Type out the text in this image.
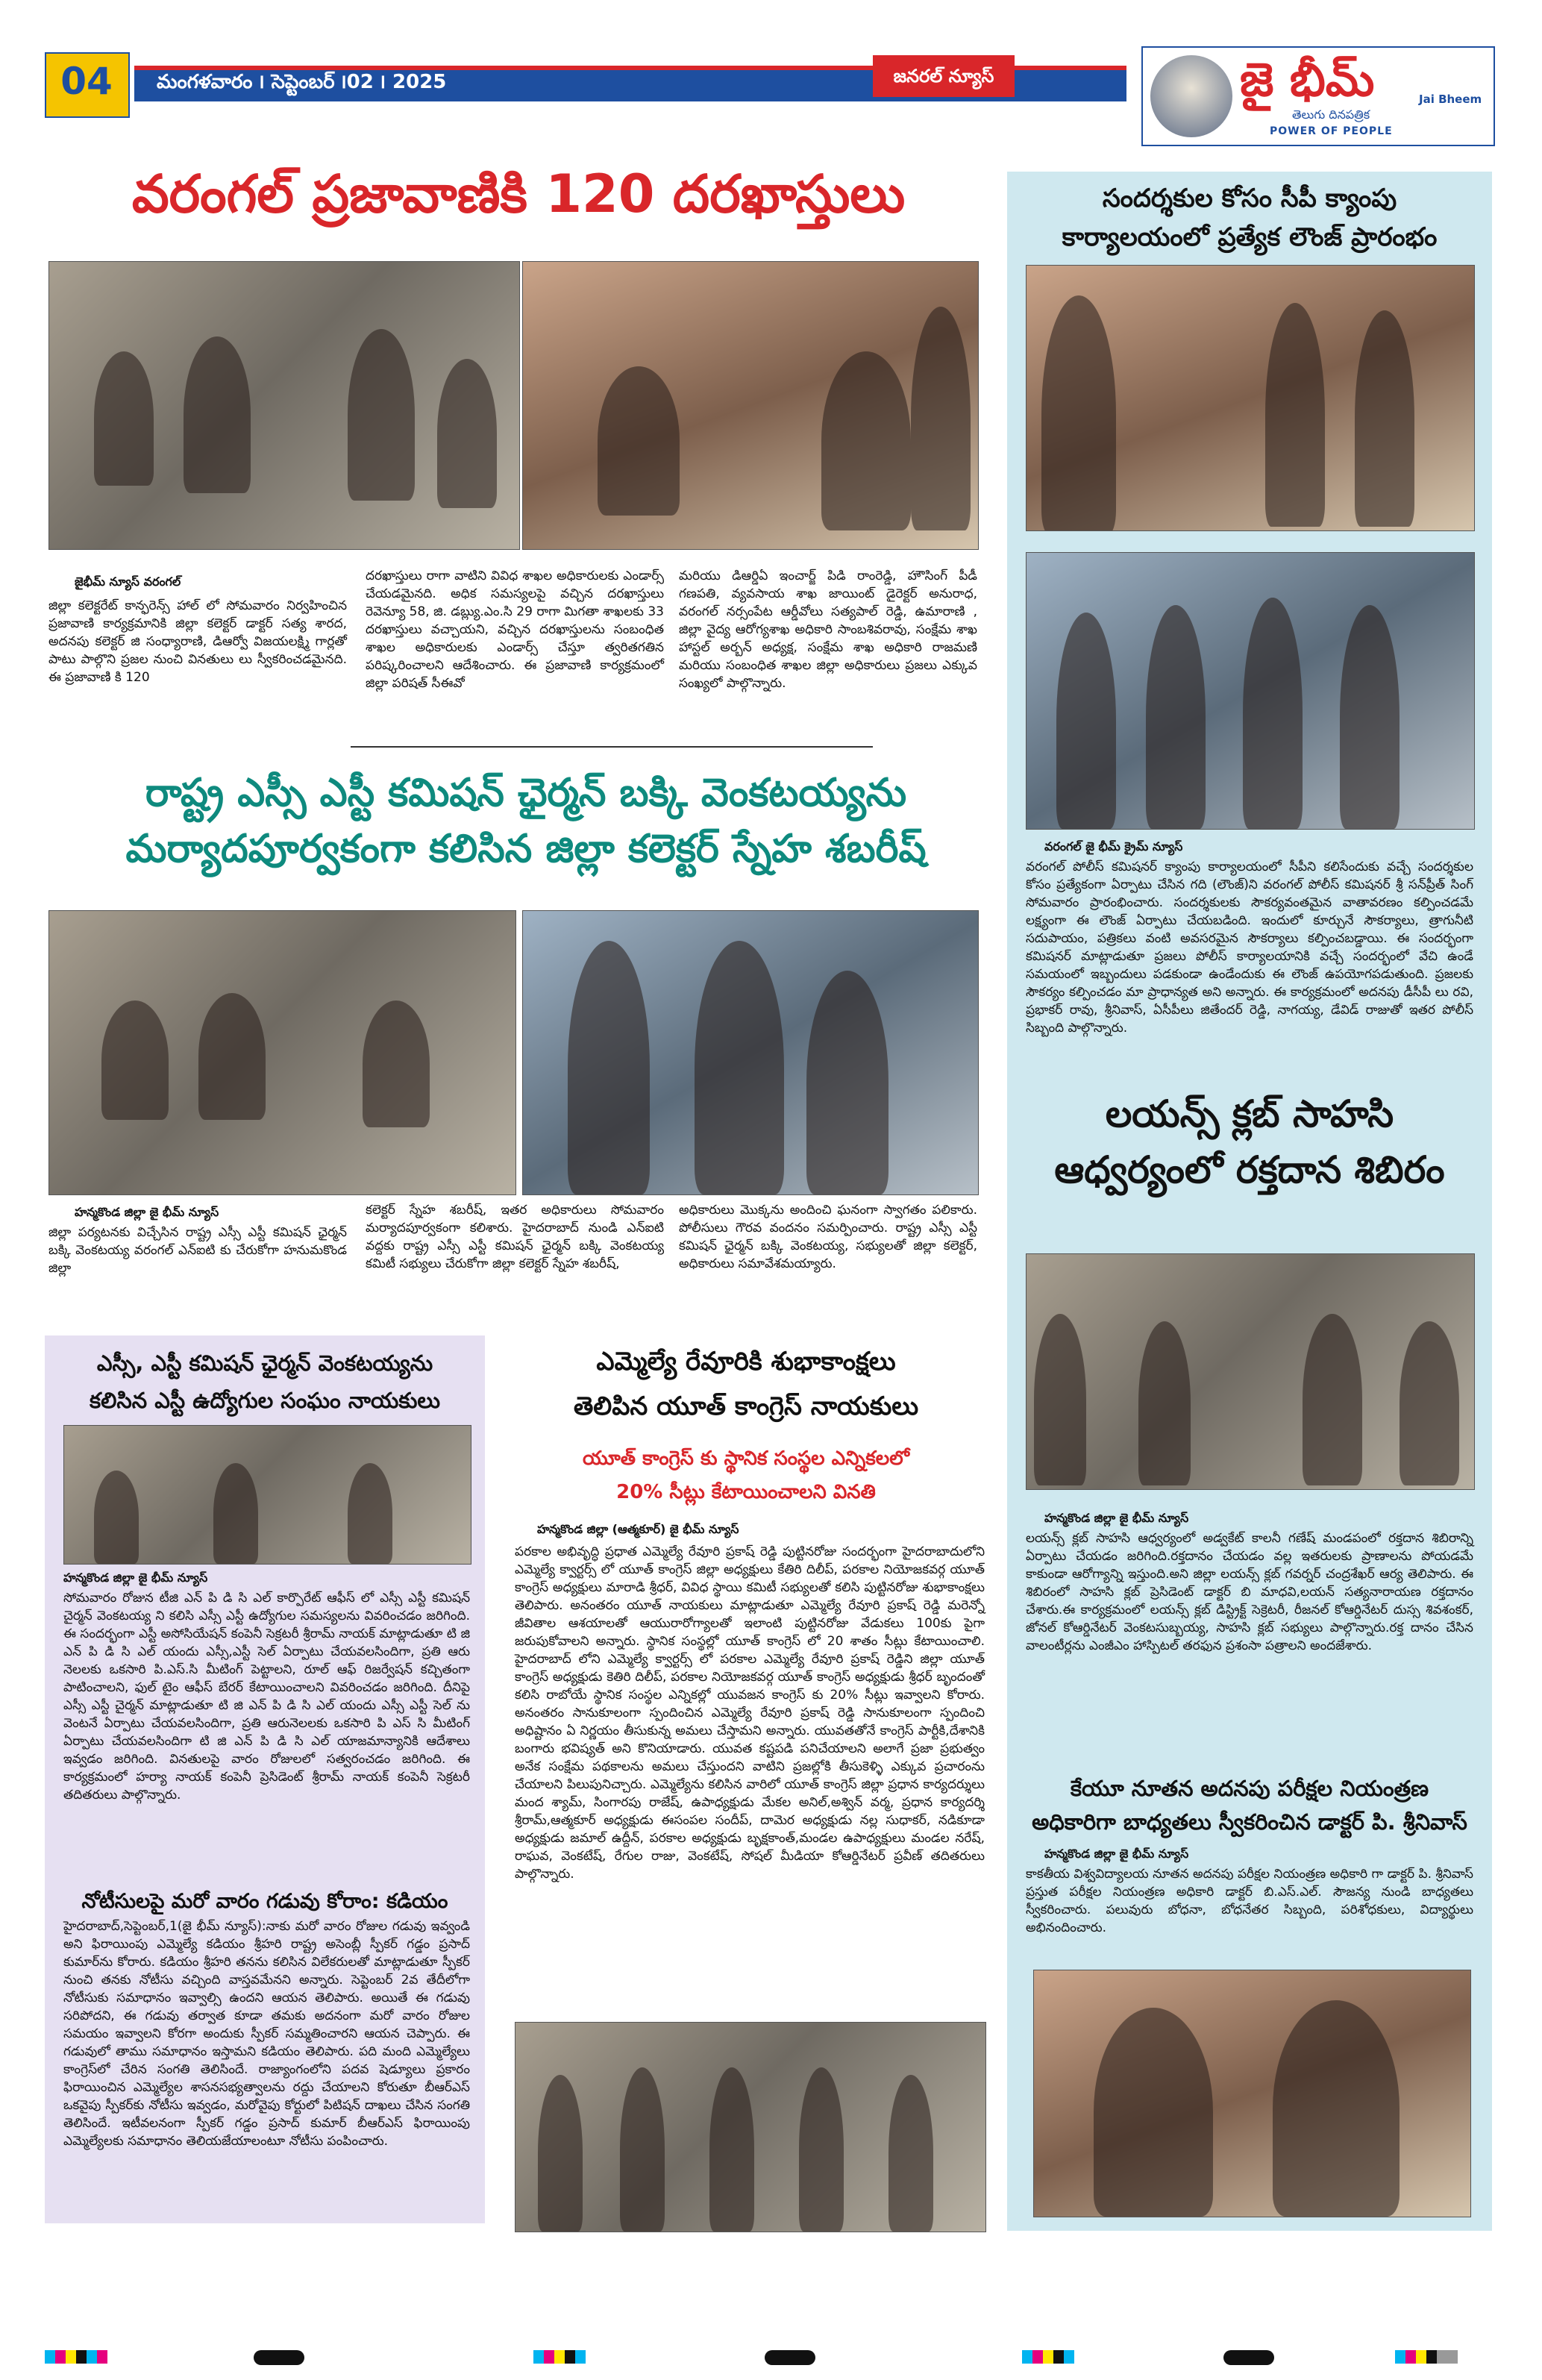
04	మంగళవారం ౹ సెప్టెంబర్ ౹02 ౹ 2025	జనరల్ న్యూస్	జై భీమ్
తెలుగు దినపత్రిక
POWER OF PEOPLE
Jai Bheem
వరంగల్ ప్రజావాణికి 120 దరఖాస్తులు
జైభీమ్ న్యూస్ వరంగల్
జిల్లా కలెక్టరేట్ కాన్ఫరెన్స్ హాల్ లో సోమవారం నిర్వహించిన ప్రజావాణి కార్యక్రమానికి జిల్లా కలెక్టర్ డాక్టర్ సత్య శారద, అదనపు కలెక్టర్ జి సంధ్యారాణి, డిఆర్వో విజయలక్ష్మి గార్లతో పాటు పాల్గొని ప్రజల నుంచి వినతులు లు స్వీకరించడమైనది. ఈ ప్రజావాణి కి 120
దరఖాస్తులు రాగా వాటిని వివిధ శాఖల అధికారులకు ఎండార్స్ చేయడమైనది. అధిక సమస్యలపై వచ్చిన దరఖాస్తులు రెవెన్యూ 58, జి. డబ్ల్యు.ఎం.సి 29 రాగా మిగతా శాఖలకు 33 దరఖాస్తులు వచ్చాయని, వచ్చిన దరఖాస్తులను సంబంధిత శాఖల అధికారులకు ఎండార్స్ చేస్తూ త్వరితగతిన పరిష్కరించాలని ఆదేశించారు. ఈ ప్రజావాణి కార్యక్రమంలో జిల్లా పరిషత్ సీఈవో
మరియు డిఆర్డిఏ ఇంచార్జ్ పిడి రాంరెడ్డి, హౌసింగ్ పీడీ గణపతి, వ్యవసాయ శాఖ జాయింట్ డైరెక్టర్ అనురాధ, వరంగల్ నర్సంపేట ఆర్డీవోలు సత్యపాల్ రెడ్డి, ఉమారాణి , జిల్లా వైద్య ఆరోగ్యశాఖ అధికారి సాంబశివరావు, సంక్షేమ శాఖ హాస్టల్ అర్బన్ అధ్యక్ష, సంక్షేమ శాఖ అధికారి రాజమణి మరియు సంబంధిత శాఖల జిల్లా అధికారులు ప్రజలు ఎక్కువ సంఖ్యలో పాల్గొన్నారు.
రాష్ట్ర ఎస్సీ ఎస్టీ కమిషన్ ఛైర్మన్ బక్కి వెంకటయ్యను
మర్యాదపూర్వకంగా కలిసిన జిల్లా కలెక్టర్ స్నేహ శబరీష్
హన్మకొండ జిల్లా జై భీమ్ న్యూస్
జిల్లా పర్యటనకు విచ్చేసిన రాష్ట్ర ఎస్సీ ఎస్టీ కమిషన్ ఛైర్మన్ బక్కి వెంకటయ్య వరంగల్ ఎన్ఐటి కు చేరుకోగా హనుమకొండ జిల్లా
కలెక్టర్ స్నేహ శబరీష్, ఇతర అధికారులు సోమవారం మర్యాదపూర్వకంగా కలిశారు. హైదరాబాద్ నుండి ఎన్ఐటి వద్దకు రాష్ట్ర ఎస్సీ ఎస్టీ కమిషన్ ఛైర్మన్ బక్కి వెంకటయ్య కమిటీ సభ్యులు చేరుకోగా జిల్లా కలెక్టర్ స్నేహ శబరీష్,
అధికారులు మొక్కను అందించి ఘనంగా స్వాగతం పలికారు. పోలీసులు గౌరవ వందనం సమర్పించారు. రాష్ట్ర ఎస్సీ ఎస్టీ కమిషన్ ఛైర్మన్ బక్కి వెంకటయ్య, సభ్యులతో జిల్లా కలెక్టర్, అధికారులు సమావేశమయ్యారు.
సందర్శకుల కోసం సీపీ క్యాంపు కార్యాలయంలో ప్రత్యేక లౌంజ్ ప్రారంభం
వరంగల్ జై భీమ్ క్రైమ్ న్యూస్
వరంగల్ పోలీస్ కమిషనర్ క్యాంపు కార్యాలయంలో సీపీని కలిసేందుకు వచ్చే సందర్శకుల కోసం ప్రత్యేకంగా ఏర్పాటు చేసిన గది (లౌంజ్)ని వరంగల్ పోలీస్ కమిషనర్ శ్రీ సన్‌ప్రీత్ సింగ్ సోమవారం ప్రారంభించారు. సందర్శకులకు సౌకర్యవంతమైన వాతావరణం కల్పించడమే లక్ష్యంగా ఈ లౌంజ్ ఏర్పాటు చేయబడింది. ఇందులో కూర్చునే సౌకర్యాలు, త్రాగునీటి సదుపాయం, పత్రికలు వంటి అవసరమైన సౌకర్యాలు కల్పించబడ్డాయి. ఈ సందర్భంగా కమిషనర్ మాట్లాడుతూ ప్రజలు పోలీస్ కార్యాలయానికి వచ్చే సందర్భంలో వేచి ఉండే సమయంలో ఇబ్బందులు పడకుండా ఉండేందుకు ఈ లౌంజ్ ఉపయోగపడుతుంది. ప్రజలకు సౌకర్యం కల్పించడం మా ప్రాధాన్యత అని అన్నారు. ఈ కార్యక్రమంలో అదనపు డీసీపీ లు రవి, ప్రభాకర్ రావు, శ్రీనివాస్, ఏసీపీలు జితేందర్ రెడ్డి, నాగయ్య, డేవిడ్ రాజుతో ఇతర పోలీస్ సిబ్బంది పాల్గొన్నారు.
లయన్స్ క్లబ్ సాహసి
ఆధ్వర్యంలో రక్తదాన శిబిరం
హన్మకొండ జిల్లా జై భీమ్ న్యూస్
లయన్స్ క్లబ్ సాహసి ఆధ్వర్యంలో అడ్వకేట్ కాలనీ గణేష్ మండపంలో రక్తదాన శిబిరాన్ని ఏర్పాటు చేయడం జరిగింది.రక్తదానం చేయడం వల్ల ఇతరులకు ప్రాణాలను పోయడమే కాకుండా ఆరోగ్యాన్ని ఇస్తుంది.అని జిల్లా లయన్స్ క్లబ్ గవర్నర్ చంద్రశేఖర్ ఆర్య తెలిపారు. ఈ శిబిరంలో సాహసి క్లబ్ ప్రెసిడెంట్ డాక్టర్ బి మాధవి,లయన్ సత్యనారాయణ రక్తదానం చేశారు.ఈ కార్యక్రమంలో లయన్స్ క్లబ్ డిస్ట్రిక్ట్ సెక్రెటరీ, రీజనల్ కోఆర్డినేటర్ దుస్స శివశంకర్, జోనల్ కోఆర్డినేటర్ వెంకటసుబ్బయ్య, సాహసి క్లబ్ సభ్యులు పాల్గొన్నారు.రక్త దానం చేసిన వాలంటీర్లను ఎంజీఎం హాస్పిటల్ తరఫున ప్రశంసా పత్రాలని అందజేశారు.
కేయూ నూతన అదనపు పరీక్షల నియంత్రణ
అధికారిగా బాధ్యతలు స్వీకరించిన డాక్టర్ పి. శ్రీనివాస్
హన్మకొండ జిల్లా జై భీమ్ న్యూస్
కాకతీయ విశ్వవిద్యాలయ నూతన అదనపు పరీక్షల నియంత్రణ అధికారి గా డాక్టర్ పి. శ్రీనివాస్ ప్రస్తుత పరీక్షల నియంత్రణ అధికారి డాక్టర్ బి.ఎస్.ఎల్. సౌజన్య నుండి బాధ్యతలు స్వీకరించారు. పలువురు బోధనా, బోధనేతర సిబ్బంది, పరిశోధకులు, విద్యార్థులు అభినందించారు.
ఎస్సీ, ఎస్టీ కమిషన్ ఛైర్మన్ వెంకటయ్యను
కలిసిన ఎస్టీ ఉద్యోగుల సంఘం నాయకులు
హన్మకొండ జిల్లా జై భీమ్ న్యూస్
సోమవారం రోజున టీజి ఎన్ పి డి సి ఎల్ కార్పొరేట్ ఆఫీస్ లో ఎస్సీ ఎస్టీ కమిషన్ చైర్మన్ వెంకటయ్య ని కలిసి ఎస్సీ ఎస్టీ ఉద్యోగుల సమస్యలను వివరించడం జరిగింది. ఈ సందర్భంగా ఎస్టీ అసోసియేషన్ కంపెనీ సెక్రటరీ శ్రీరామ్ నాయక్ మాట్లాడుతూ టి జి ఎన్ పి డి సి ఎల్ యందు ఎస్సీ,ఎస్టీ సెల్ ఏర్పాటు చేయవలసిందిగా, ప్రతి ఆరు నెలలకు ఒకసారి పి.ఎస్.సి మీటింగ్ పెట్టాలని, రూల్ ఆఫ్ రిజర్వేషన్ కచ్చితంగా పాటించాలని, ఫుల్ టైం ఆఫీస్ బేరర్ కేటాయించాలని వివరించడం జరిగింది. దీనిపై ఎస్సీ ఎస్టీ చైర్మన్ మాట్లాడుతూ టి జి ఎన్ పి డి సి ఎల్ యందు ఎస్సీ ఎస్టీ సెల్ ను వెంటనే ఏర్పాటు చేయవలసిందిగా, ప్రతి ఆరునెలలకు ఒకసారి పి ఎస్ సి మీటింగ్ ఏర్పాటు చేయవలసిందిగా టి జి ఎన్ పి డి సి ఎల్ యాజమాన్యానికి ఆదేశాలు ఇవ్వడం జరిగింది. వినతులపై వారం రోజులలో సత్వరంచడం జరిగింది. ఈ కార్యక్రమంలో హర్యా నాయక్ కంపెనీ ప్రెసిడెంట్ శ్రీరామ్ నాయక్ కంపెనీ సెక్రటరీ తదితరులు పాల్గొన్నారు.
నోటీసులపై మరో వారం గడువు కోరాం: కడియం
హైదరాబాద్,సెప్టెంబర్,1(జై భీమ్ న్యూస్):నాకు మరో వారం రోజుల గడువు ఇవ్వండి అని ఫిరాయింపు ఎమ్మెల్యే కడియం శ్రీహరి రాష్ట్ర అసెంబ్లీ స్పీకర్ గడ్డం ప్రసాద్ కుమార్‌ను కోరారు. కడియం శ్రీహరి తనను కలిసిన విలేకరులతో మాట్లాడుతూ స్పీకర్ నుంచి తనకు నోటీసు వచ్చింది వాస్తవమేనని అన్నారు. సెప్టెంబర్ 2వ తేదీలోగా నోటీసుకు సమాధానం ఇవ్వాల్సి ఉందని ఆయన తెలిపారు. అయితే ఈ గడువు సరిపోదని, ఈ గడువు తర్వాత కూడా తమకు అదనంగా మరో వారం రోజుల సమయం ఇవ్వాలని కోరగా అందుకు స్పీకర్ సమ్మతించారని ఆయన చెప్పారు. ఈ గడువులో తాము సమాధానం ఇస్తామని కడియం తెలిపారు. పది మంది ఎమ్మెల్యేలు కాంగ్రెస్‌లో చేరిన సంగతి తెలిసిందే. రాజ్యాంగంలోని పదవ షెడ్యూలు ప్రకారం ఫిరాయించిన ఎమ్మెల్యేల శాసనసభ్యత్వాలను రద్దు చేయాలని కోరుతూ బీఆర్ఎస్ ఒకవైపు స్పీకర్‌కు నోటీసు ఇవ్వడం, మరోవైపు కోర్టులో పిటిషన్ దాఖలు చేసిన సంగతి తెలిసిందే. ఇటీవలనంగా స్పీకర్ గడ్డం ప్రసాద్ కుమార్ బీఆర్ఎస్ ఫిరాయింపు ఎమ్మెల్యేలకు సమాధానం తెలియజేయాలంటూ నోటీసు పంపించారు.
ఎమ్మెల్యే రేవూరికి శుభాకాంక్షలు
తెలిపిన యూత్ కాంగ్రెస్ నాయకులు
యూత్ కాంగ్రెస్ కు స్థానిక సంస్థల ఎన్నికలలో
20% సీట్లు కేటాయించాలని వినతి
హన్మకొండ జిల్లా (ఆత్మకూర్) జై భీమ్ న్యూస్
పరకాల అభివృద్ధి ప్రధాత ఎమ్మెల్యే రేవూరి ప్రకాష్ రెడ్డి పుట్టినరోజు సందర్భంగా హైదరాబాదులోని ఎమ్మెల్యే క్వార్టర్స్ లో యూత్ కాంగ్రెస్ జిల్లా అధ్యక్షులు కేతిరి దిలీప్, పరకాల నియోజకవర్గ యూత్ కాంగ్రెస్ అధ్యక్షులు మారాడి శ్రీధర్, వివిధ స్థాయి కమిటీ సభ్యులతో కలిసి పుట్టినరోజు శుభాకాంక్షలు తెలిపారు. అనంతరం యూత్ నాయకులు మాట్లాడుతూ ఎమ్మెల్యే రేవూరి ప్రకాష్ రెడ్డి మరెన్నో జీవితాల ఆశయాలతో ఆయురారోగ్యాలతో ఇలాంటి పుట్టినరోజు వేడుకలు 100కు పైగా జరుపుకోవాలని అన్నారు. స్థానిక సంస్థల్లో యూత్ కాంగ్రెస్ లో 20 శాతం సీట్లు కేటాయించాలి. హైదరాబాద్ లోని ఎమ్మెల్యే క్వార్టర్స్ లో పరకాల ఎమ్మెల్యే రేవూరి ప్రకాష్ రెడ్డిని జిల్లా యూత్ కాంగ్రెస్ అధ్యక్షుడు కెతిరి దిలీప్, పరకాల నియోజకవర్గ యూత్ కాంగ్రెస్ అధ్యక్షుడు శ్రీధర్ బృందంతో కలిసి రాబోయే స్థానిక సంస్థల ఎన్నికల్లో యువజన కాంగ్రెస్ కు 20% సీట్లు ఇవ్వాలని కోరారు. అనంతరం సానుకూలంగా స్పందించిన ఎమ్మెల్యే రేవూరి ప్రకాష్ రెడ్డి సానుకూలంగా స్పందించి అధిష్టానం ఏ నిర్ణయం తీసుకున్న అమలు చేస్తామని అన్నారు. యువతతోనే కాంగ్రెస్ పార్టీకి,దేశానికి బంగారు భవిష్యత్ అని కొనియాడారు. యువత కష్టపడి పనిచేయాలని అలాగే ప్రజా ప్రభుత్వం అనేక సంక్షేమ పథకాలను అమలు చేస్తుందని వాటిని ప్రజల్లోకి తీసుకెళ్ళి ఎక్కువ ప్రచారంను చేయాలని పిలుపునిచ్చారు. ఎమ్మెల్యేను కలిసిన వారిలో యూత్ కాంగ్రెస్ జిల్లా ప్రధాన కార్యదర్శులు మంద శ్యామ్, సింగారపు రాజేష్, ఉపాధ్యక్షుడు మేకల అనిల్,అశ్విన్ వర్మ, ప్రధాన కార్యదర్శి శ్రీరామ్,ఆత్మకూర్ అధ్యక్షుడు ఈసంపల సందీప్, దామెర అధ్యక్షుడు నల్ల సుధాకర్, నడికూడా అధ్యక్షుడు జమాల్ ఉద్దీన్, పరకాల అధ్యక్షుడు బృక్షకాంత్,మండల ఉపాధ్యక్షులు మండల నరేష్, రాఘవ, వెంకటేష్, రేగుల రాజు, వెంకటేష్, సోషల్ మీడియా కోఆర్డినేటర్ ప్రవీణ్ తదితరులు పాల్గొన్నారు.
